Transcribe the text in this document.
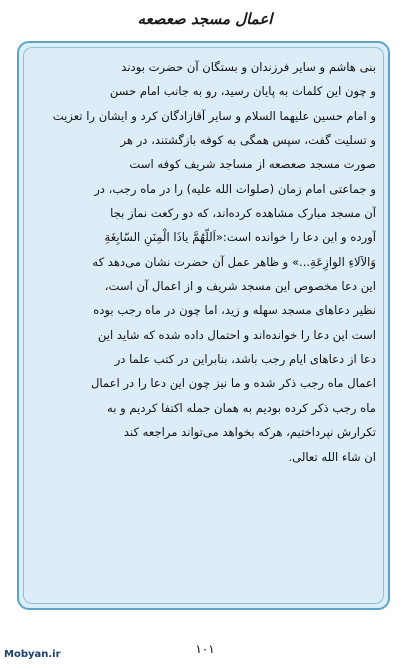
اعمال مسجد صعصعه
بنی هاشم و سایر فرزندان و بستگان آن حضرت بودند
و چون این کلمات به پایان رسید، رو به جانب امام حسن
و امام حسین علیهما السلام و سایر آقازادگان کرد و ایشان را تعزیت
و تسلیت گفت، سپس همگی به کوفه بازگشتند، در هر
صورت مسجد صعصعه از مساجد شریف کوفه است
و جماعتی امام زمان (صلوات الله علیه) را در ماه رجب، در
آن مسجد مبارک مشاهده کرده‌اند، که دو رکعت نماز بجا
آورده و این دعا را خوانده است:«اَللّهُمَّ یاذَا الْمِنَنِ السّابِغَةِ
وَالآلاءِ الوازِعَةِ...» و ظاهر عمل آن حضرت نشان می‌دهد که
این دعا مخصوص این مسجد شریف و از اعمال آن است،
نظیر دعاهای مسجد سهله و زید، اما چون در ماه رجب بوده
است این دعا را خوانده‌اند و احتمال داده شده که شاید این
دعا از دعاهای ایام رجب باشد، بنابراین در کتب علما در
اعمال ماه رجب ذکر شده و ما نیز چون این دعا را در اعمال
ماه رجب ذکر کرده بودیم به همان جمله اکتفا کردیم و به
تکرارش نپرداختیم، هرکه بخواهد می‌تواند مراجعه کند
ان شاء الله تعالی.
۱۰۱
Mobyan.ir
